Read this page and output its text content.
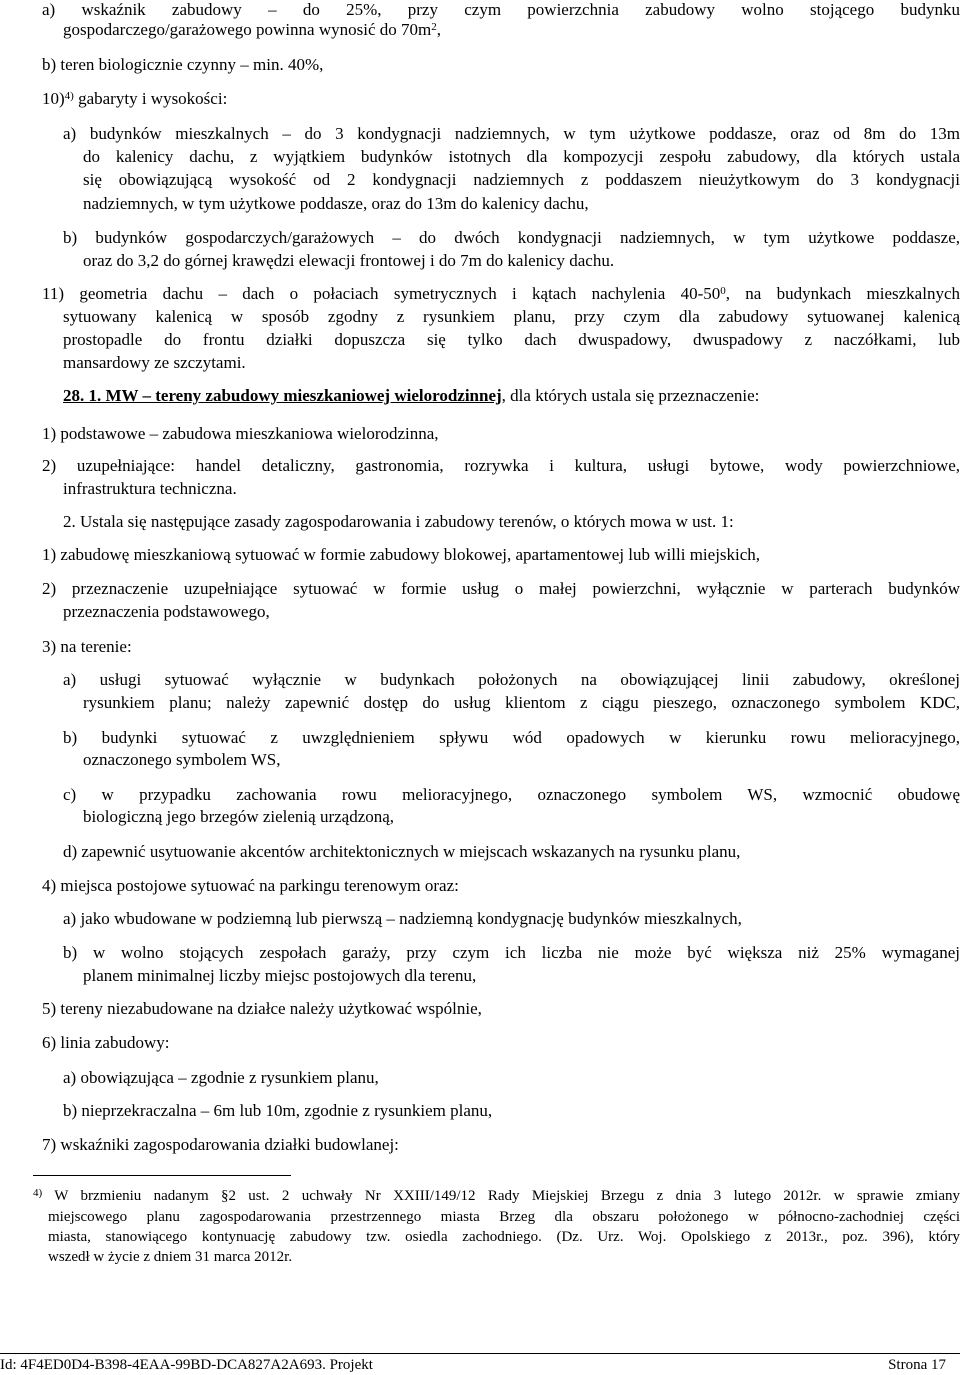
a) wskaźnik zabudowy – do 25%, przy czym powierzchnia zabudowy wolno stojącego budynku
gospodarczego/garażowego powinna wynosić do $70m^2$,
b) teren biologicznie czynny – min. 40%,
10)$^{4)}$ gabaryty i wysokości:
a) budynków mieszkalnych – do 3 kondygnacji nadziemnych, w tym użytkowe poddasze, oraz od 8m do 13m
do kalenicy dachu, z wyjątkiem budynków istotnych dla kompozycji zespołu zabudowy, dla których ustala
się obowiązującą wysokość od 2 kondygnacji nadziemnych z poddaszem nieużytkowym do 3 kondygnacji
nadziemnych, w tym użytkowe poddasze, oraz do 13m do kalenicy dachu,
b) budynków gospodarczych/garażowych – do dwóch kondygnacji nadziemnych, w tym użytkowe poddasze,
oraz do 3,2 do górnej krawędzi elewacji frontowej i do 7m do kalenicy dachu.
11) geometria dachu – dach o połaciach symetrycznych i kątach nachylenia $40-50^0$, na budynkach mieszkalnych
sytuowany kalenicą w sposób zgodny z rysunkiem planu, przy czym dla zabudowy sytuowanej kalenicą
prostopadle do frontu działki dopuszcza się tylko dach dwuspadowy, dwuspadowy z naczółkami, lub
mansardowy ze szczytami.
28. 1. MW – tereny zabudowy mieszkaniowej wielorodzinnej, dla których ustala się przeznaczenie:
1) podstawowe – zabudowa mieszkaniowa wielorodzinna,
2) uzupełniające: handel detaliczny, gastronomia, rozrywka i kultura, usługi bytowe, wody powierzchniowe,
infrastruktura techniczna.
2. Ustala się następujące zasady zagospodarowania i zabudowy terenów, o których mowa w ust. 1:
1) zabudowę mieszkaniową sytuować w formie zabudowy blokowej, apartamentowej lub willi miejskich,
2) przeznaczenie uzupełniające sytuować w formie usług o małej powierzchni, wyłącznie w parterach budynków
przeznaczenia podstawowego,
3) na terenie:
a) usługi sytuować wyłącznie w budynkach położonych na obowiązującej linii zabudowy, określonej
rysunkiem planu; należy zapewnić dostęp do usług klientom z ciągu pieszego, oznaczonego symbolem KDC,
b) budynki sytuować z uwzględnieniem spływu wód opadowych w kierunku rowu melioracyjnego,
oznaczonego symbolem WS,
c) w przypadku zachowania rowu melioracyjnego, oznaczonego symbolem WS, wzmocnić obudowę
biologiczną jego brzegów zielenią urządzoną,
d) zapewnić usytuowanie akcentów architektonicznych w miejscach wskazanych na rysunku planu,
4) miejsca postojowe sytuować na parkingu terenowym oraz:
a) jako wbudowane w podziemną lub pierwszą – nadziemną kondygnację budynków mieszkalnych,
b) w wolno stojących zespołach garaży, przy czym ich liczba nie może być większa niż 25% wymaganej
planem minimalnej liczby miejsc postojowych dla terenu,
5) tereny niezabudowane na działce należy użytkować wspólnie,
6) linia zabudowy:
a) obowiązująca – zgodnie z rysunkiem planu,
b) nieprzekraczalna – 6m lub 10m, zgodnie z rysunkiem planu,
7) wskaźniki zagospodarowania działki budowlanej:
$^{4)}$ W brzmieniu nadanym §2 ust. 2 uchwały Nr XXIII/149/12 Rady Miejskiej Brzegu z dnia 3 lutego 2012r. w sprawie zmiany
miejscowego planu zagospodarowania przestrzennego miasta Brzeg dla obszaru położonego w północno-zachodniej części
miasta, stanowiącego kontynuację zabudowy tzw. osiedla zachodniego. (Dz. Urz. Woj. Opolskiego z 2013r., poz. 396), który
wszedł w życie z dniem 31 marca 2012r.
Id: 4F4ED0D4-B398-4EAA-99BD-DCA827A2A693. Projekt	Strona 17
